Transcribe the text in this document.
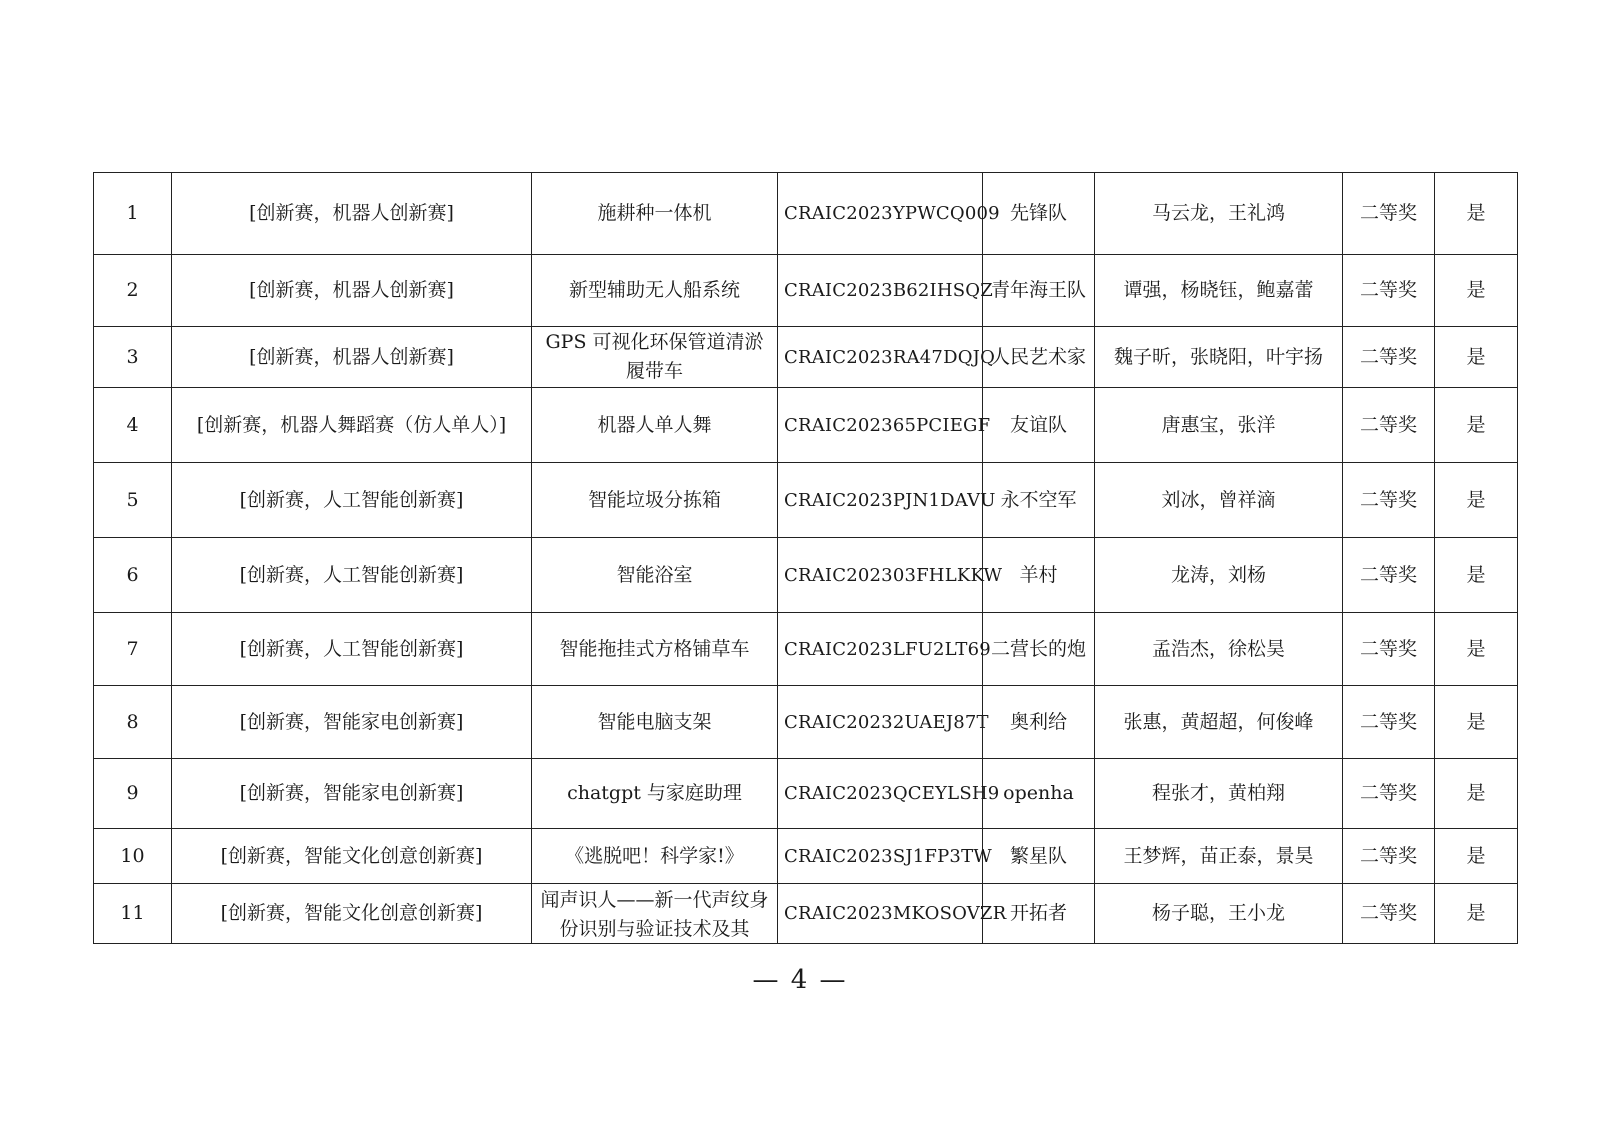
1	[创新赛，机器人创新赛]	施耕种一体机	CRAIC2023YPWCQ009	先锋队	马云龙，王礼鸿	二等奖	是
2	[创新赛，机器人创新赛]	新型辅助无人船系统	CRAIC2023B62IHSQZ	青年海王队	谭强，杨晓钰，鲍嘉蕾	二等奖	是
3	[创新赛，机器人创新赛]	GPS 可视化环保管道清淤履带车	CRAIC2023RA47DQJQ	人民艺术家	魏子昕，张晓阳，叶宇扬	二等奖	是
4	[创新赛，机器人舞蹈赛（仿人单人）]	机器人单人舞	CRAIC202365PCIEGF	友谊队	唐惠宝，张洋	二等奖	是
5	[创新赛，人工智能创新赛]	智能垃圾分拣箱	CRAIC2023PJN1DAVU	永不空军	刘冰，曾祥滴	二等奖	是
6	[创新赛，人工智能创新赛]	智能浴室	CRAIC202303FHLKKW	羊村	龙涛，刘杨	二等奖	是
7	[创新赛，人工智能创新赛]	智能拖挂式方格铺草车	CRAIC2023LFU2LT69	二营长的炮	孟浩杰，徐松昊	二等奖	是
8	[创新赛，智能家电创新赛]	智能电脑支架	CRAIC20232UAEJ87T	奥利给	张惠，黄超超，何俊峰	二等奖	是
9	[创新赛，智能家电创新赛]	chatgpt 与家庭助理	CRAIC2023QCEYLSH9	openha	程张才，黄柏翔	二等奖	是
10	[创新赛，智能文化创意创新赛]	《逃脱吧！科学家!》	CRAIC2023SJ1FP3TW	繁星队	王梦辉，苗正泰，景昊	二等奖	是
11	[创新赛，智能文化创意创新赛]	闻声识人——新一代声纹身份识别与验证技术及其	CRAIC2023MKOSOVZR	开拓者	杨子聪，王小龙	二等奖	是
— 4 —
